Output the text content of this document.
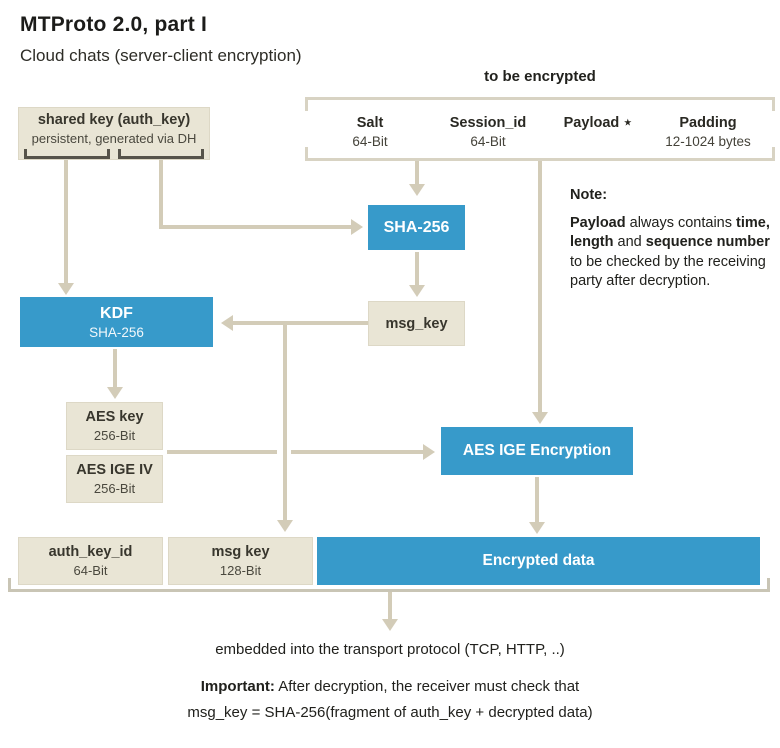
MTProto 2.0, part I
Cloud chats (server-client encryption)
to be encrypted
Salt
64-Bit
Session_id
64-Bit
Payload ⋆	Padding
12-1024 bytes
shared key (auth_key)
persistent, generated via DH
SHA-256
msg_key
KDF
SHA-256
AES key
256-Bit
AES IGE IV
256-Bit
AES IGE Encryption
auth_key_id
64-Bit
msg key
128-Bit
Encrypted data
Note:
Payload always contains time,
length and sequence number
to be checked by the receiving
party after decryption.
embedded into the transport protocol (TCP, HTTP, ..)
Important: After decryption, the receiver must check that
msg_key = SHA-256(fragment of auth_key + decrypted data)
